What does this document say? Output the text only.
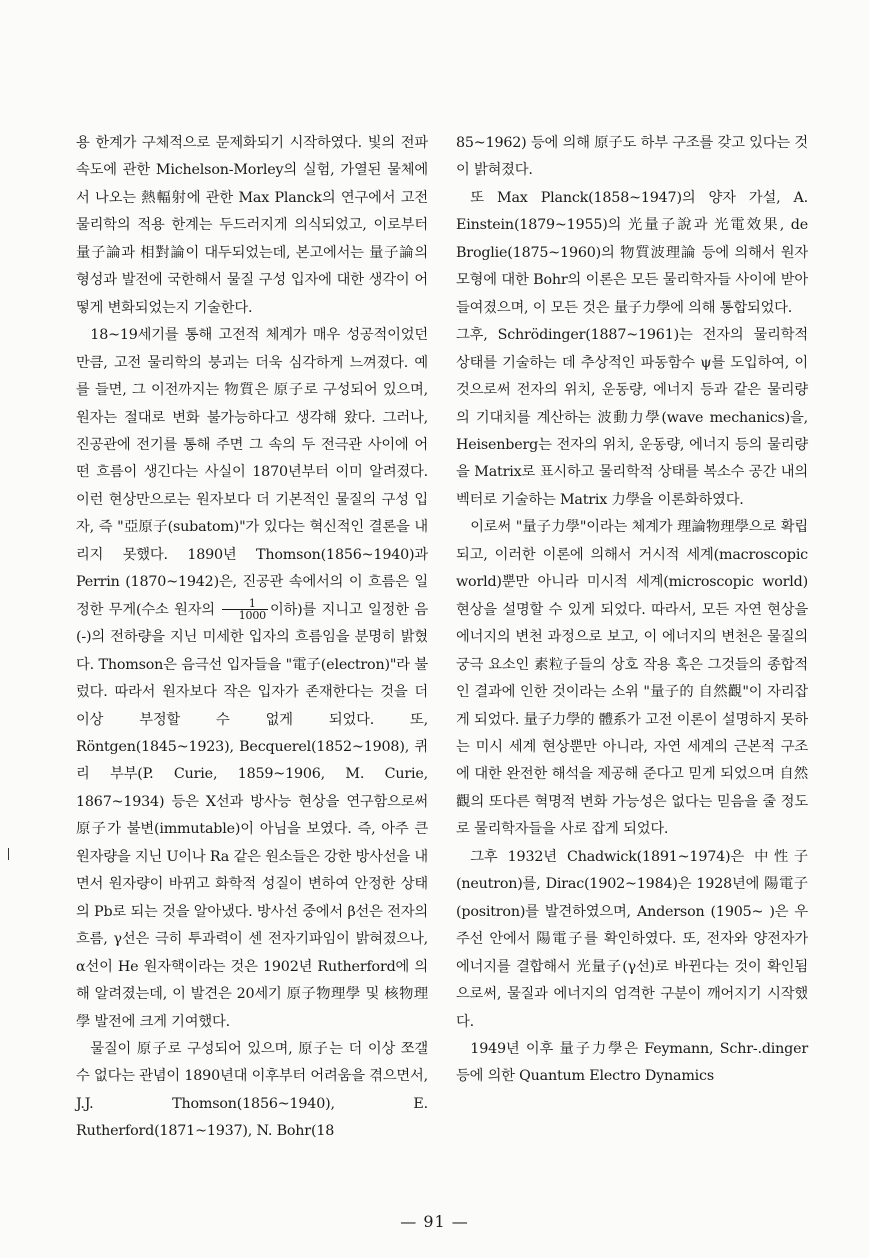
용 한계가 구체적으로 문제화되기 시작하였다. 빛의 전파 속도에 관한 Michelson-Morley의 실험, 가열된 물체에서 나오는 熱輻射에 관한 Max Planck의 연구에서 고전 물리학의 적용 한계는 두드러지게 의식되었고, 이로부터 量子論과 相對論이 대두되었는데, 본고에서는 量子論의 형성과 발전에 국한해서 물질 구성 입자에 대한 생각이 어떻게 변화되었는지 기술한다.

18~19세기를 통해 고전적 체계가 매우 성공적이었던 만큼, 고전 물리학의 붕괴는 더욱 심각하게 느껴졌다. 예를 들면, 그 이전까지는 物質은 原子로 구성되어 있으며, 원자는 절대로 변화 불가능하다고 생각해 왔다. 그러나, 진공관에 전기를 통해 주면 그 속의 두 전극관 사이에 어떤 흐름이 생긴다는 사실이 1870년부터 이미 알려졌다. 이런 현상만으로는 원자보다 더 기본적인 물질의 구성 입자, 즉 "亞原子(subatom)"가 있다는 혁신적인 결론을 내리지 못했다. 1890년 Thomson(1856~1940)과 Perrin (1870~1942)은, 진공관 속에서의 이 흐름은 일정한 무게(수소 원자의 $\frac{1}{1000}$ 이하)를 지니고 일정한 음(-)의 전하량을 지닌 미세한 입자의 흐름임을 분명히 밝혔다. Thomson은 음극선 입자들을 "電子(electron)"라 불렀다. 따라서 원자보다 작은 입자가 존재한다는 것을 더 이상 부정할 수 없게 되었다. 또, Röntgen(1845~1923), Becquerel(1852~1908), 퀴리 부부(P. Curie, 1859~1906, M. Curie, 1867~1934) 등은 X선과 방사능 현상을 연구함으로써 原子가 불변(immutable)이 아님을 보였다. 즉, 아주 큰 원자량을 지닌 U이나 Ra 같은 원소들은 강한 방사선을 내면서 원자량이 바뀌고 화학적 성질이 변하여 안정한 상태의 Pb로 되는 것을 알아냈다. 방사선 중에서 β선은 전자의 흐름, γ선은 극히 투과력이 센 전자기파임이 밝혀졌으나, α선이 He 원자핵이라는 것은 1902년 Rutherford에 의해 알려졌는데, 이 발견은 20세기 原子物理學 및 核物理學 발전에 크게 기여했다.

물질이 原子로 구성되어 있으며, 原子는 더 이상 쪼갤 수 없다는 관념이 1890년대 이후부터 어려움을 겪으면서, J.J. Thomson(1856~1940), E. Rutherford(1871~1937), N. Bohr(18

85~1962) 등에 의해 原子도 하부 구조를 갖고 있다는 것이 밝혀졌다.

또 Max Planck(1858~1947)의 양자 가설, A. Einstein(1879~1955)의 光量子說과 光電效果, de Broglie(1875~1960)의 物質波理論 등에 의해서 원자 모형에 대한 Bohr의 이론은 모든 물리학자들 사이에 받아들여졌으며, 이 모든 것은 量子力學에 의해 통합되었다.

그후, Schrödinger(1887~1961)는 전자의 물리학적 상태를 기술하는 데 추상적인 파동함수 ψ를 도입하여, 이것으로써 전자의 위치, 운동량, 에너지 등과 같은 물리량의 기대치를 계산하는 波動力學(wave mechanics)을, Heisenberg는 전자의 위치, 운동량, 에너지 등의 물리량을 Matrix로 표시하고 물리학적 상태를 복소수 공간 내의 벡터로 기술하는 Matrix 力學을 이론화하였다.

이로써 "量子力學"이라는 체계가 理論物理學으로 확립되고, 이러한 이론에 의해서 거시적 세계(macroscopic world)뿐만 아니라 미시적 세계(microscopic world) 현상을 설명할 수 있게 되었다. 따라서, 모든 자연 현상을 에너지의 변천 과정으로 보고, 이 에너지의 변천은 물질의 궁극 요소인 素粒子들의 상호 작용 혹은 그것들의 종합적인 결과에 인한 것이라는 소위 "量子的 自然觀"이 자리잡게 되었다. 量子力學的 體系가 고전 이론이 설명하지 못하는 미시 세계 현상뿐만 아니라, 자연 세계의 근본적 구조에 대한 완전한 해석을 제공해 준다고 믿게 되었으며 自然觀의 또다른 혁명적 변화 가능성은 없다는 믿음을 줄 정도로 물리학자들을 사로 잡게 되었다.

그후 1932년 Chadwick(1891~1974)은 中性子(neutron)를, Dirac(1902~1984)은 1928년에 陽電子(positron)를 발견하였으며, Anderson (1905~ )은 우주선 안에서 陽電子를 확인하였다. 또, 전자와 양전자가 에너지를 결합해서 光量子(γ선)로 바뀐다는 것이 확인됨으로써, 물질과 에너지의 엄격한 구분이 깨어지기 시작했다.

1949년 이후 量子力學은 Feymann, Schr-.dinger 등에 의한 Quantum Electro Dynamics

— 91 —
